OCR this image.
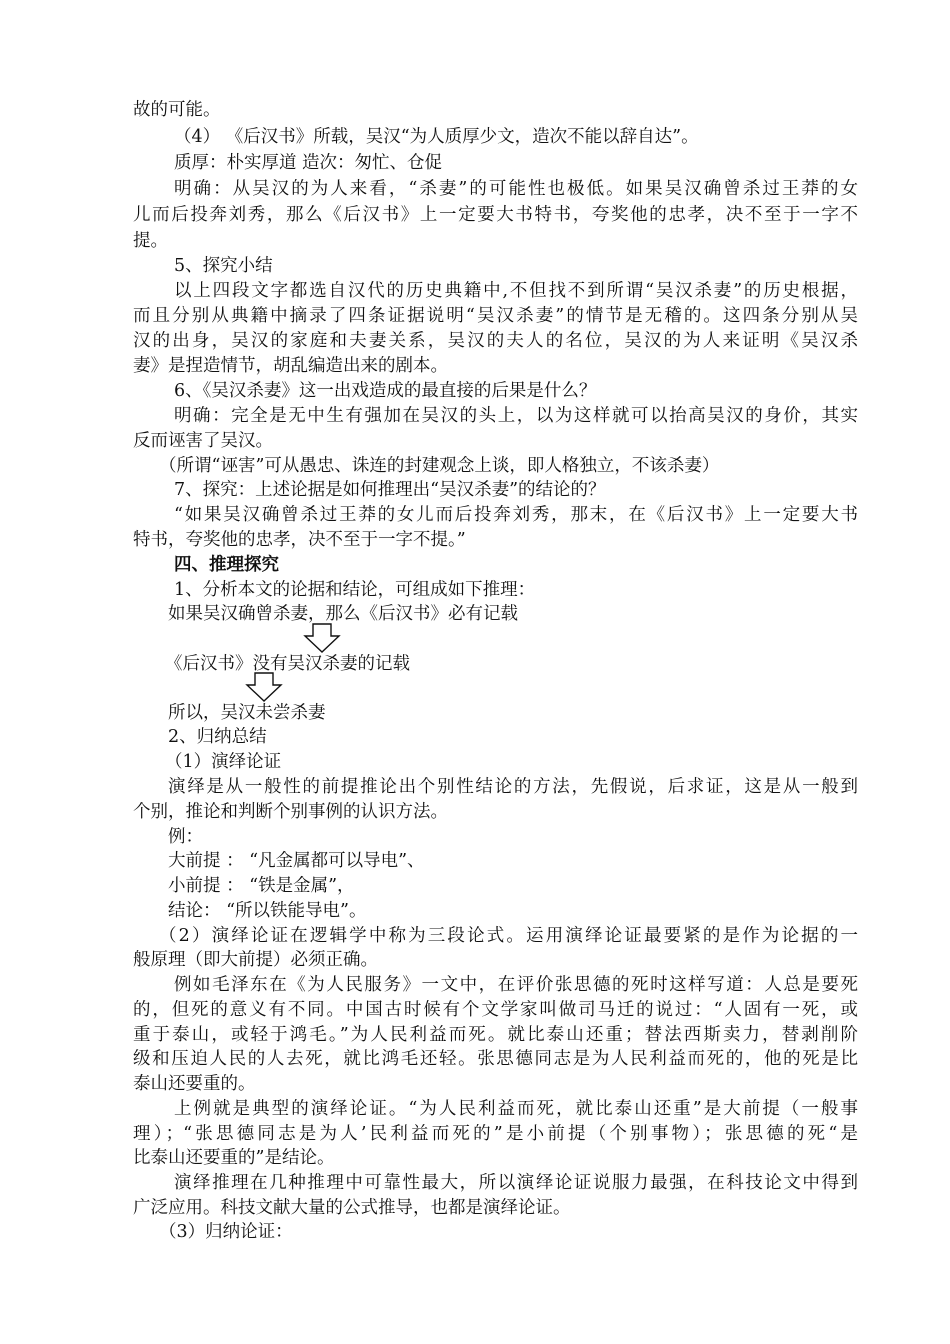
故的可能。
（4） 《后汉书》所载，吴汉“为人质厚少文，造次不能以辞自达”。
质厚：朴实厚道 造次：匆忙、仓促
明确：从吴汉的为人来看，“杀妻”的可能性也极低。如果吴汉确曾杀过王莽的女
儿而后投奔刘秀，那么《后汉书》上一定要大书特书，夸奖他的忠孝，决不至于一字不
提。
5、探究小结
以上四段文字都选自汉代的历史典籍中,不但找不到所谓“吴汉杀妻”的历史根据，
而且分别从典籍中摘录了四条证据说明“吴汉杀妻”的情节是无稽的。这四条分别从吴
汉的出身，吴汉的家庭和夫妻关系，吴汉的夫人的名位，吴汉的为人来证明《吴汉杀
妻》是捏造情节，胡乱编造出来的剧本。
6、《吴汉杀妻》这一出戏造成的最直接的后果是什么？
明确：完全是无中生有强加在吴汉的头上，以为这样就可以抬高吴汉的身价，其实
反而诬害了吴汉。
（所谓“诬害”可从愚忠、诛连的封建观念上谈，即人格独立，不该杀妻）
7、探究：上述论据是如何推理出“吴汉杀妻”的结论的？
“如果吴汉确曾杀过王莽的女儿而后投奔刘秀，那末，在《后汉书》上一定要大书
特书，夸奖他的忠孝，决不至于一字不提。”
四、推理探究
1、分析本文的论据和结论，可组成如下推理：
如果吴汉确曾杀妻，那么《后汉书》必有记载
《后汉书》没有吴汉杀妻的记载
所以，吴汉未尝杀妻
2、归纳总结
（1）演绎论证
演绎是从一般性的前提推论出个别性结论的方法，先假说，后求证，这是从一般到
个别，推论和判断个别事例的认识方法。
例：
大前提 ： “凡金属都可以导电”、
小前提 ： “铁是金属”，
结论： “所以铁能导电”。
（2）演绎论证在逻辑学中称为三段论式。运用演绎论证最要紧的是作为论据的一
般原理（即大前提）必须正确。
例如毛泽东在《为人民服务》一文中，在评价张思德的死时这样写道：人总是要死
的，但死的意义有不同。中国古时候有个文学家叫做司马迁的说过：“人固有一死，或
重于泰山，或轻于鸿毛。”为人民利益而死。就比泰山还重；替法西斯卖力，替剥削阶
级和压迫人民的人去死，就比鸿毛还轻。张思德同志是为人民利益而死的，他的死是比
泰山还要重的。
上例就是典型的演绎论证。“为人民利益而死，就比泰山还重”是大前提（一般事
理）；“张思德同志是为人’民利益而死的”是小前提（个别事物）；张思德的死“是
比泰山还要重的”是结论。
演绎推理在几种推理中可靠性最大，所以演绎论证说服力最强，在科技论文中得到
广泛应用。科技文献大量的公式推导，也都是演绎论证。
（3）归纳论证：
